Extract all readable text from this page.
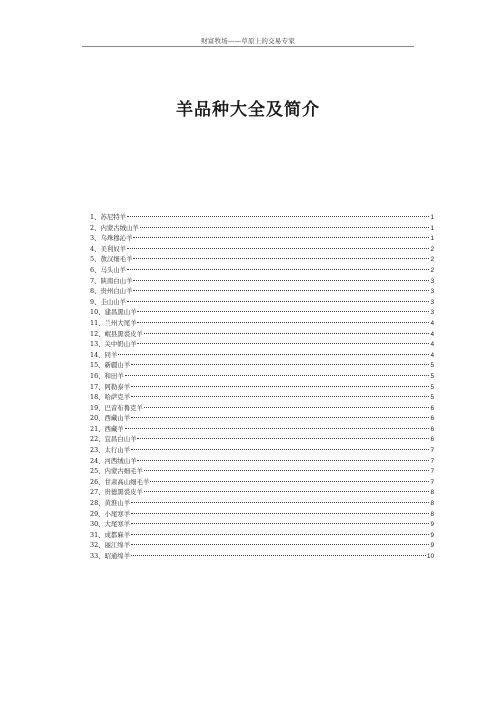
财富牧场——草原上的交易专家
羊品种大全及简介
1、苏尼特羊	1
2、内蒙古绒山羊	1
3、乌珠穆沁羊	1
4、美利奴羊	2
5、敖汉细毛羊	2
6、马头山羊	2
7、陕南白山羊	3
8、贵州白山羊	3
9、圭山山羊	3
10、建昌黑山羊	3
11、兰州大尾羊	4
12、岷县黑裘皮羊	4
13、关中奶山羊	4
14、同羊	4
15、新疆山羊	5
16、和田羊	5
17、阿勒泰羊	5
18、哈萨克羊	5
19、巴音布鲁克羊	6
20、西藏山羊	6
21、西藏羊	6
22、宜昌白山羊	6
23、太行山羊	7
24、河西绒山羊	7
25、内蒙古细毛羊	7
26、甘肃高山细毛羊	7
27、贵德黑裘皮羊	8
28、黄淮山羊	8
29、小尾寒羊	8
30、大尾寒羊	9
31、成都麻羊	9
32、丽江绵羊	9
33、昭通绵羊	10
